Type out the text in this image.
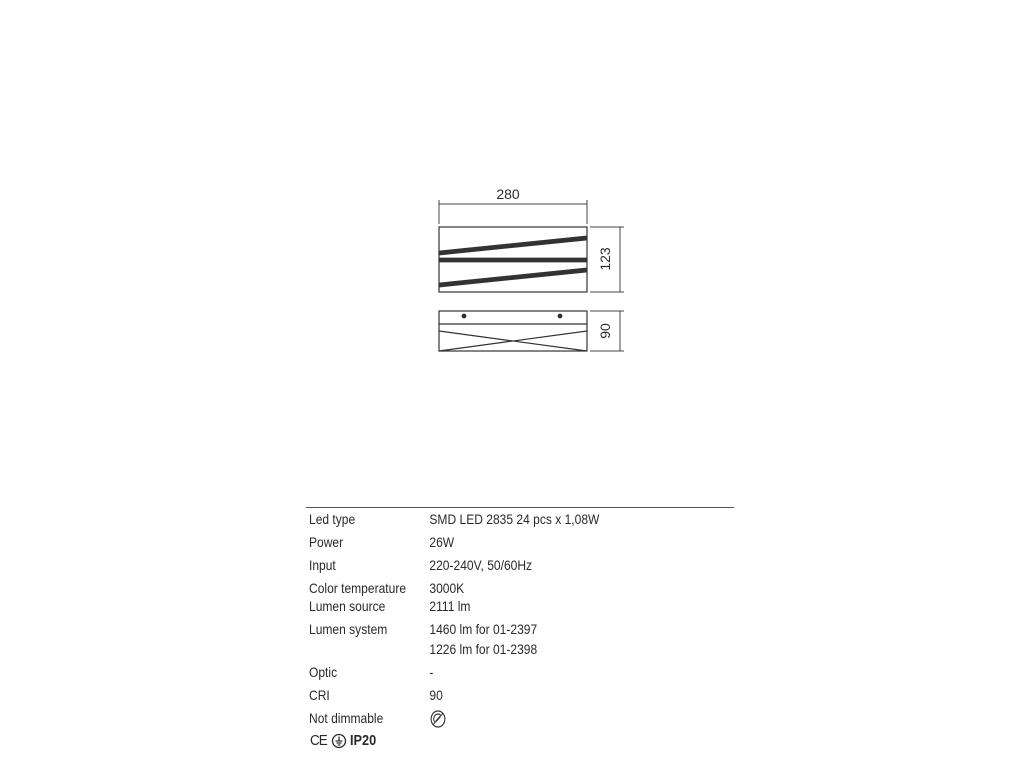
280
123
90
Led type	SMD LED 2835 24 pcs x 1,08W
Power	26W
Input	220-240V, 50/60Hz
Color temperature	3000K
Lumen source	2111 lm
Lumen system	1460 lm for 01-2397
1226 lm for 01-2398
Optic	-
CRI	90
Not dimmable
CE IP20
